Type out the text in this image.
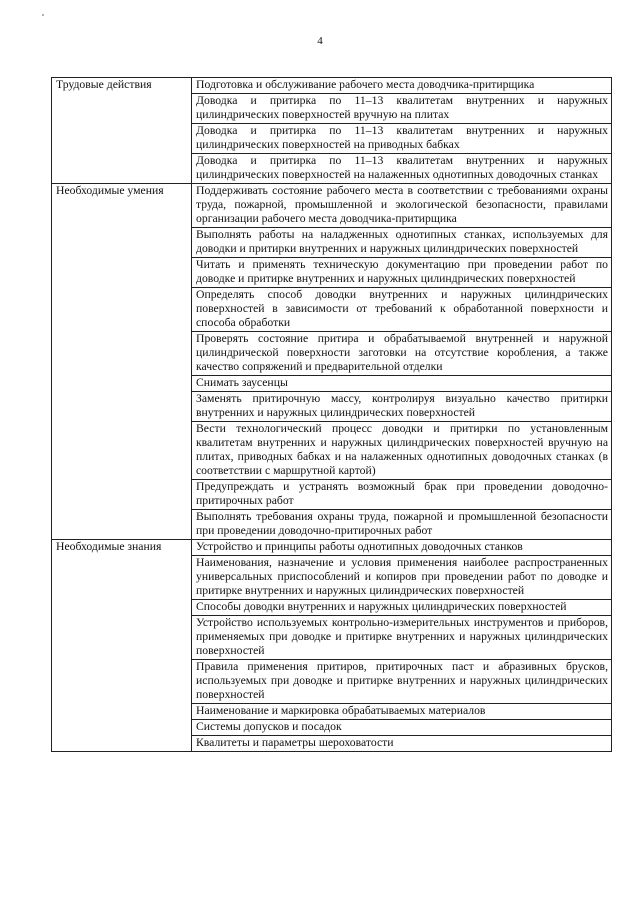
4
Трудовые действия	Подготовка и обслуживание рабочего места доводчика-притирщика
	Доводка и притирка по 11–13 квалитетам внутренних и наружных цилиндрических поверхностей вручную на плитах
	Доводка и притирка по 11–13 квалитетам внутренних и наружных цилиндрических поверхностей на приводных бабках
	Доводка и притирка по 11–13 квалитетам внутренних и наружных цилиндрических поверхностей на налаженных однотипных доводочных станках
Необходимые умения	Поддерживать состояние рабочего места в соответствии с требованиями охраны труда, пожарной, промышленной и экологической безопасности, правилами организации рабочего места доводчика-притирщика
	Выполнять работы на наладженных однотипных станках, используемых для доводки и притирки внутренних и наружных цилиндрических поверхностей
	Читать и применять техническую документацию при проведении работ по доводке и притирке внутренних и наружных цилиндрических поверхностей
	Определять способ доводки внутренних и наружных цилиндрических поверхностей в зависимости от требований к обработанной поверхности и способа обработки
	Проверять состояние притира и обрабатываемой внутренней и наружной цилиндрической поверхности заготовки на отсутствие коробления, а также качество сопряжений и предварительной отделки
	Снимать заусенцы
	Заменять притирочную массу, контролируя визуально качество притирки внутренних и наружных цилиндрических поверхностей
	Вести технологический процесс доводки и притирки по установленным квалитетам внутренних и наружных цилиндрических поверхностей вручную на плитах, приводных бабках и на налаженных однотипных доводочных станках (в соответствии с маршрутной картой)
	Предупреждать и устранять возможный брак при проведении доводочно-притирочных работ
	Выполнять требования охраны труда, пожарной и промышленной безопасности при проведении доводочно-притирочных работ
Необходимые знания	Устройство и принципы работы однотипных доводочных станков
	Наименования, назначение и условия применения наиболее распространенных универсальных приспособлений и копиров при проведении работ по доводке и притирке внутренних и наружных цилиндрических поверхностей
	Способы доводки внутренних и наружных цилиндрических поверхностей
	Устройство используемых контрольно-измерительных инструментов и приборов, применяемых при доводке и притирке внутренних и наружных цилиндрических поверхностей
	Правила применения притиров, притирочных паст и абразивных брусков, используемых при доводке и притирке внутренних и наружных цилиндрических поверхностей
	Наименование и маркировка обрабатываемых материалов
	Системы допусков и посадок
	Квалитеты и параметры шероховатости
